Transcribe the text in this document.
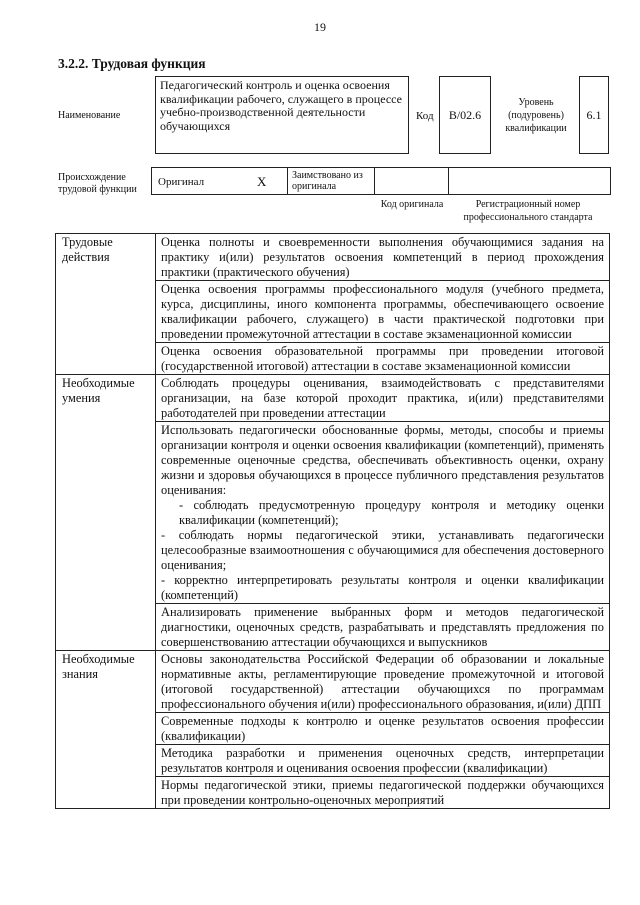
19
3.2.2. Трудовая функция
Наименование
Педагогический контроль и оценка освоения квалификации рабочего, служащего в процессе учебно-производственной деятельности обучающихся
Код	B/02.6
Уровень (подуровень) квалификации
6.1
Происхождение трудовой функции
Оригинал	X	Заимствовано из оригинала
Код оригинала	Регистрационный номер профессионального стандарта
Трудовые действия	Оценка полноты и своевременности выполнения обучающимися задания на практику и(или) результатов освоения компетенций в период прохождения практики (практического обучения)
	Оценка освоения программы профессионального модуля (учебного предмета, курса, дисциплины, иного компонента программы, обеспечивающего освоение квалификации рабочего, служащего) в части практической подготовки при проведении промежуточной аттестации в составе экзаменационной комиссии
	Оценка освоения образовательной программы при проведении итоговой (государственной итоговой) аттестации в составе экзаменационной комиссии
Необходимые умения	Соблюдать процедуры оценивания, взаимодействовать с представителями организации, на базе которой проходит практика, и(или) представителями работодателей при проведении аттестации

	Использовать педагогически обоснованные формы, методы, способы и приемы организации контроля и оценки освоения квалификации (компетенций), применять современные оценочные средства, обеспечивать объективность оценки, охрану жизни и здоровья обучающихся в процессе публичного представления результатов оценивания:
- соблюдать предусмотренную процедуру контроля и методику оценки квалификации (компетенций);
- соблюдать нормы педагогической этики, устанавливать педагогически целесообразные взаимоотношения с обучающимися для обеспечения достоверного оценивания;
- корректно интерпретировать результаты контроля и оценки квалификации (компетенций)

	Анализировать применение выбранных форм и методов педагогической диагностики, оценочных средств, разрабатывать и представлять предложения по совершенствованию аттестации обучающихся и выпускников
Необходимые знания	Основы законодательства Российской Федерации об образовании и локальные нормативные акты, регламентирующие проведение промежуточной и итоговой (итоговой государственной) аттестации обучающихся по программам профессионального обучения и(или) профессионального образования, и(или) ДПП
	Современные подходы к контролю и оценке результатов освоения профессии (квалификации)
	Методика разработки и применения оценочных средств, интерпретации результатов контроля и оценивания освоения профессии (квалификации)
	Нормы педагогической этики, приемы педагогической поддержки обучающихся при проведении контрольно-оценочных мероприятий
